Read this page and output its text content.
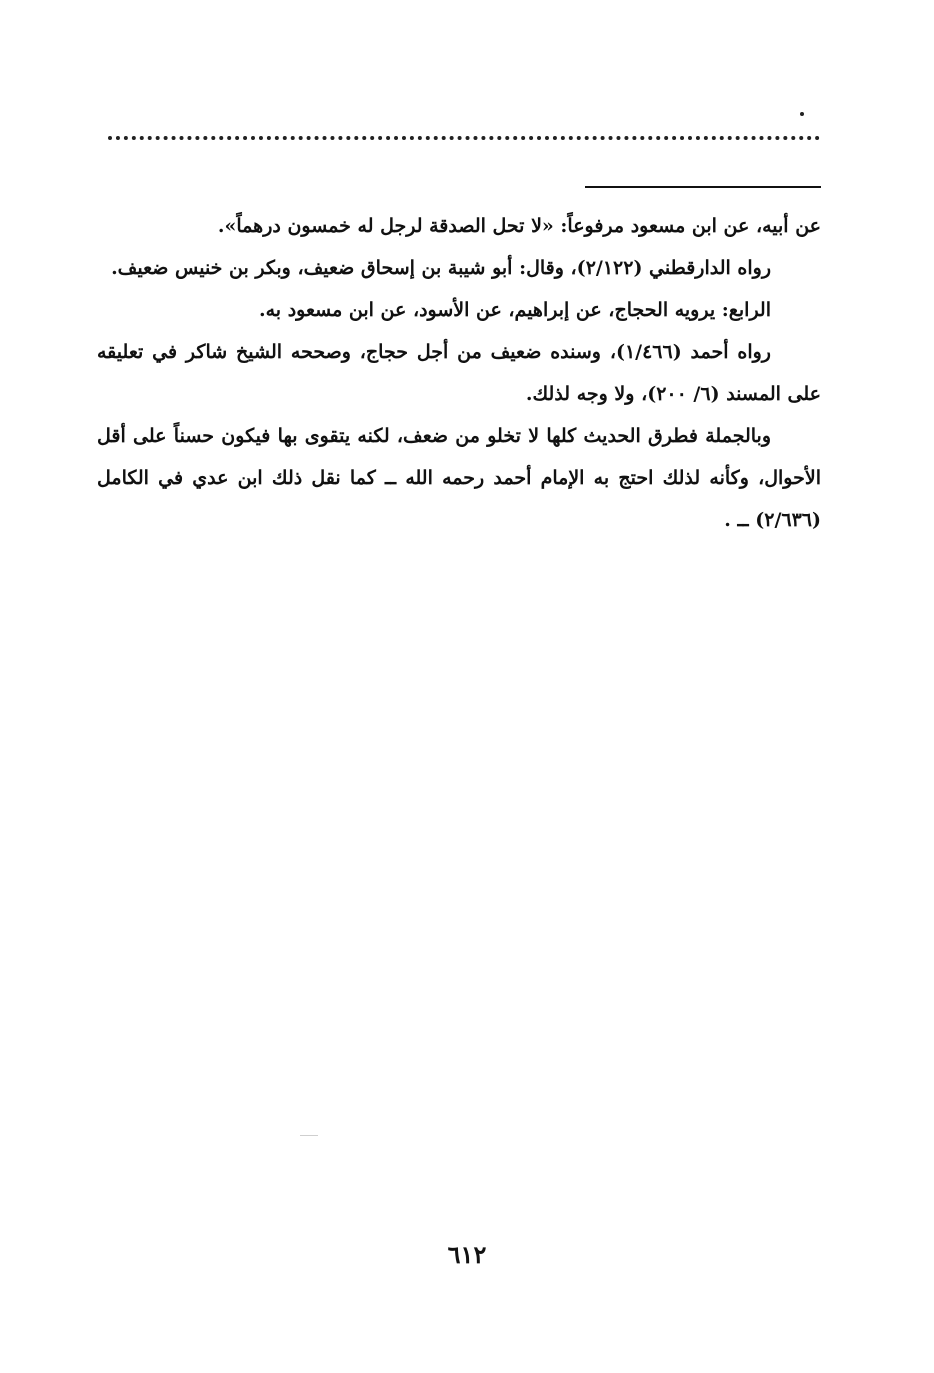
عن أبيه، عن ابن مسعود مرفوعاً: «لا تحل الصدقة لرجل له خمسون درهماً».

رواه الدارقطني (٢/١٢٢)، وقال: أبو شيبة بن إسحاق ضعيف، وبكر بن خنيس ضعيف.

الرابع: يرويه الحجاج، عن إبراهيم، عن الأسود، عن ابن مسعود به.

رواه أحمد (١/٤٦٦)، وسنده ضعيف من أجل حجاج، وصححه الشيخ شاكر في تعليقه على المسند (٦/ ٢٠٠)، ولا وجه لذلك.

وبالجملة فطرق الحديث كلها لا تخلو من ضعف، لكنه يتقوى بها فيكون حسناً على أقل الأحوال، وكأنه لذلك احتج به الإمام أحمد رحمه الله ــ كما نقل ذلك ابن عدي في الكامل (٢/٦٣٦) ــ .

٦١٢
